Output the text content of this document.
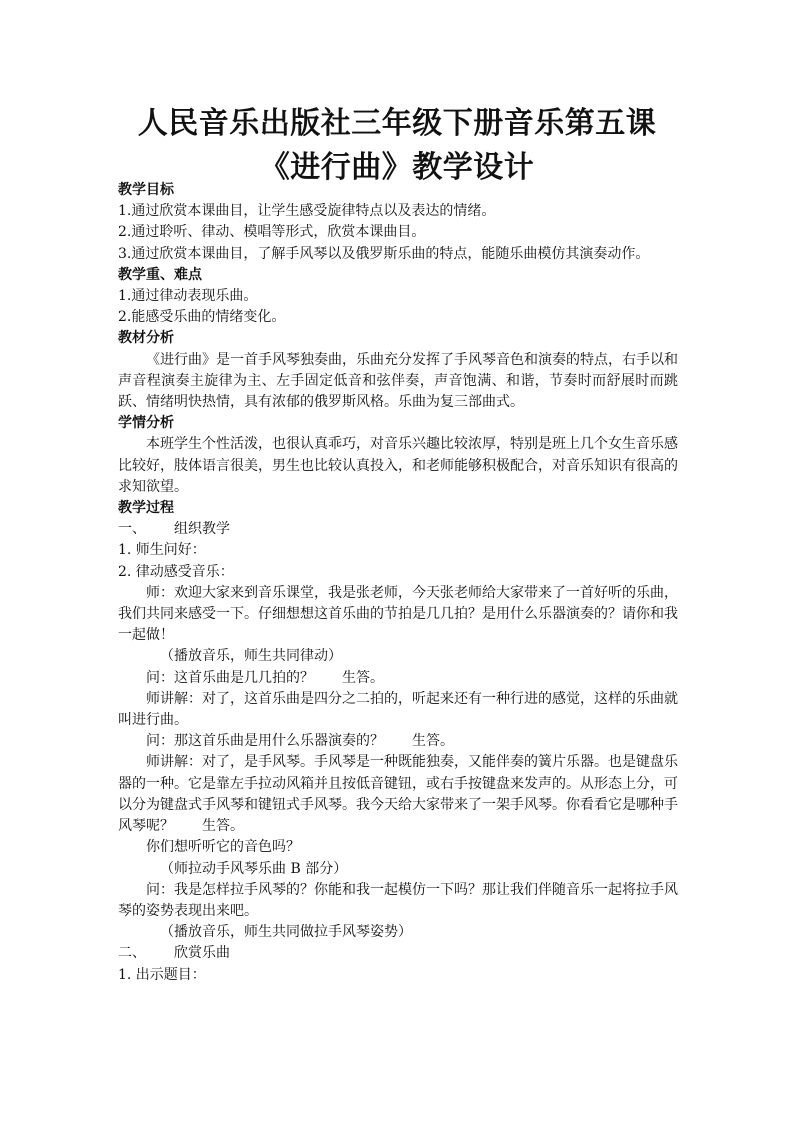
人民音乐出版社三年级下册音乐第五课
《进行曲》教学设计

教学目标

1.通过欣赏本课曲目，让学生感受旋律特点以及表达的情绪。

2.通过聆听、律动、模唱等形式，欣赏本课曲目。

3.通过欣赏本课曲目，了解手风琴以及俄罗斯乐曲的特点，能随乐曲模仿其演奏动作。

教学重、难点

1.通过律动表现乐曲。

2.能感受乐曲的情绪变化。

教材分析

《进行曲》是一首手风琴独奏曲，乐曲充分发挥了手风琴音色和演奏的特点，右手以和声音程演奏主旋律为主、左手固定低音和弦伴奏，声音饱满、和谐，节奏时而舒展时而跳跃、情绪明快热情，具有浓郁的俄罗斯风格。乐曲为复三部曲式。

学情分析

本班学生个性活泼，也很认真乖巧，对音乐兴趣比较浓厚，特别是班上几个女生音乐感比较好，肢体语言很美，男生也比较认真投入，和老师能够积极配合，对音乐知识有很高的求知欲望。

教学过程

一、 组织教学

1. 师生问好：

2. 律动感受音乐：

师：欢迎大家来到音乐课堂，我是张老师，今天张老师给大家带来了一首好听的乐曲，我们共同来感受一下。仔细想想这首乐曲的节拍是几几拍？是用什么乐器演奏的？请你和我一起做！

（播放音乐，师生共同律动）

问：这首乐曲是几几拍的？ 生答。

师讲解：对了，这首乐曲是四分之二拍的，听起来还有一种行进的感觉，这样的乐曲就叫进行曲。

问：那这首乐曲是用什么乐器演奏的？ 生答。

师讲解：对了，是手风琴。手风琴是一种既能独奏，又能伴奏的簧片乐器。也是键盘乐器的一种。它是靠左手拉动风箱并且按低音键钮，或右手按键盘来发声的。从形态上分，可以分为键盘式手风琴和键钮式手风琴。我今天给大家带来了一架手风琴。你看看它是哪种手风琴呢？ 生答。

你们想听听它的音色吗？

（师拉动手风琴乐曲 B 部分）

问：我是怎样拉手风琴的？你能和我一起模仿一下吗？那让我们伴随音乐一起将拉手风琴的姿势表现出来吧。

（播放音乐，师生共同做拉手风琴姿势）

二、 欣赏乐曲

1. 出示题目：
